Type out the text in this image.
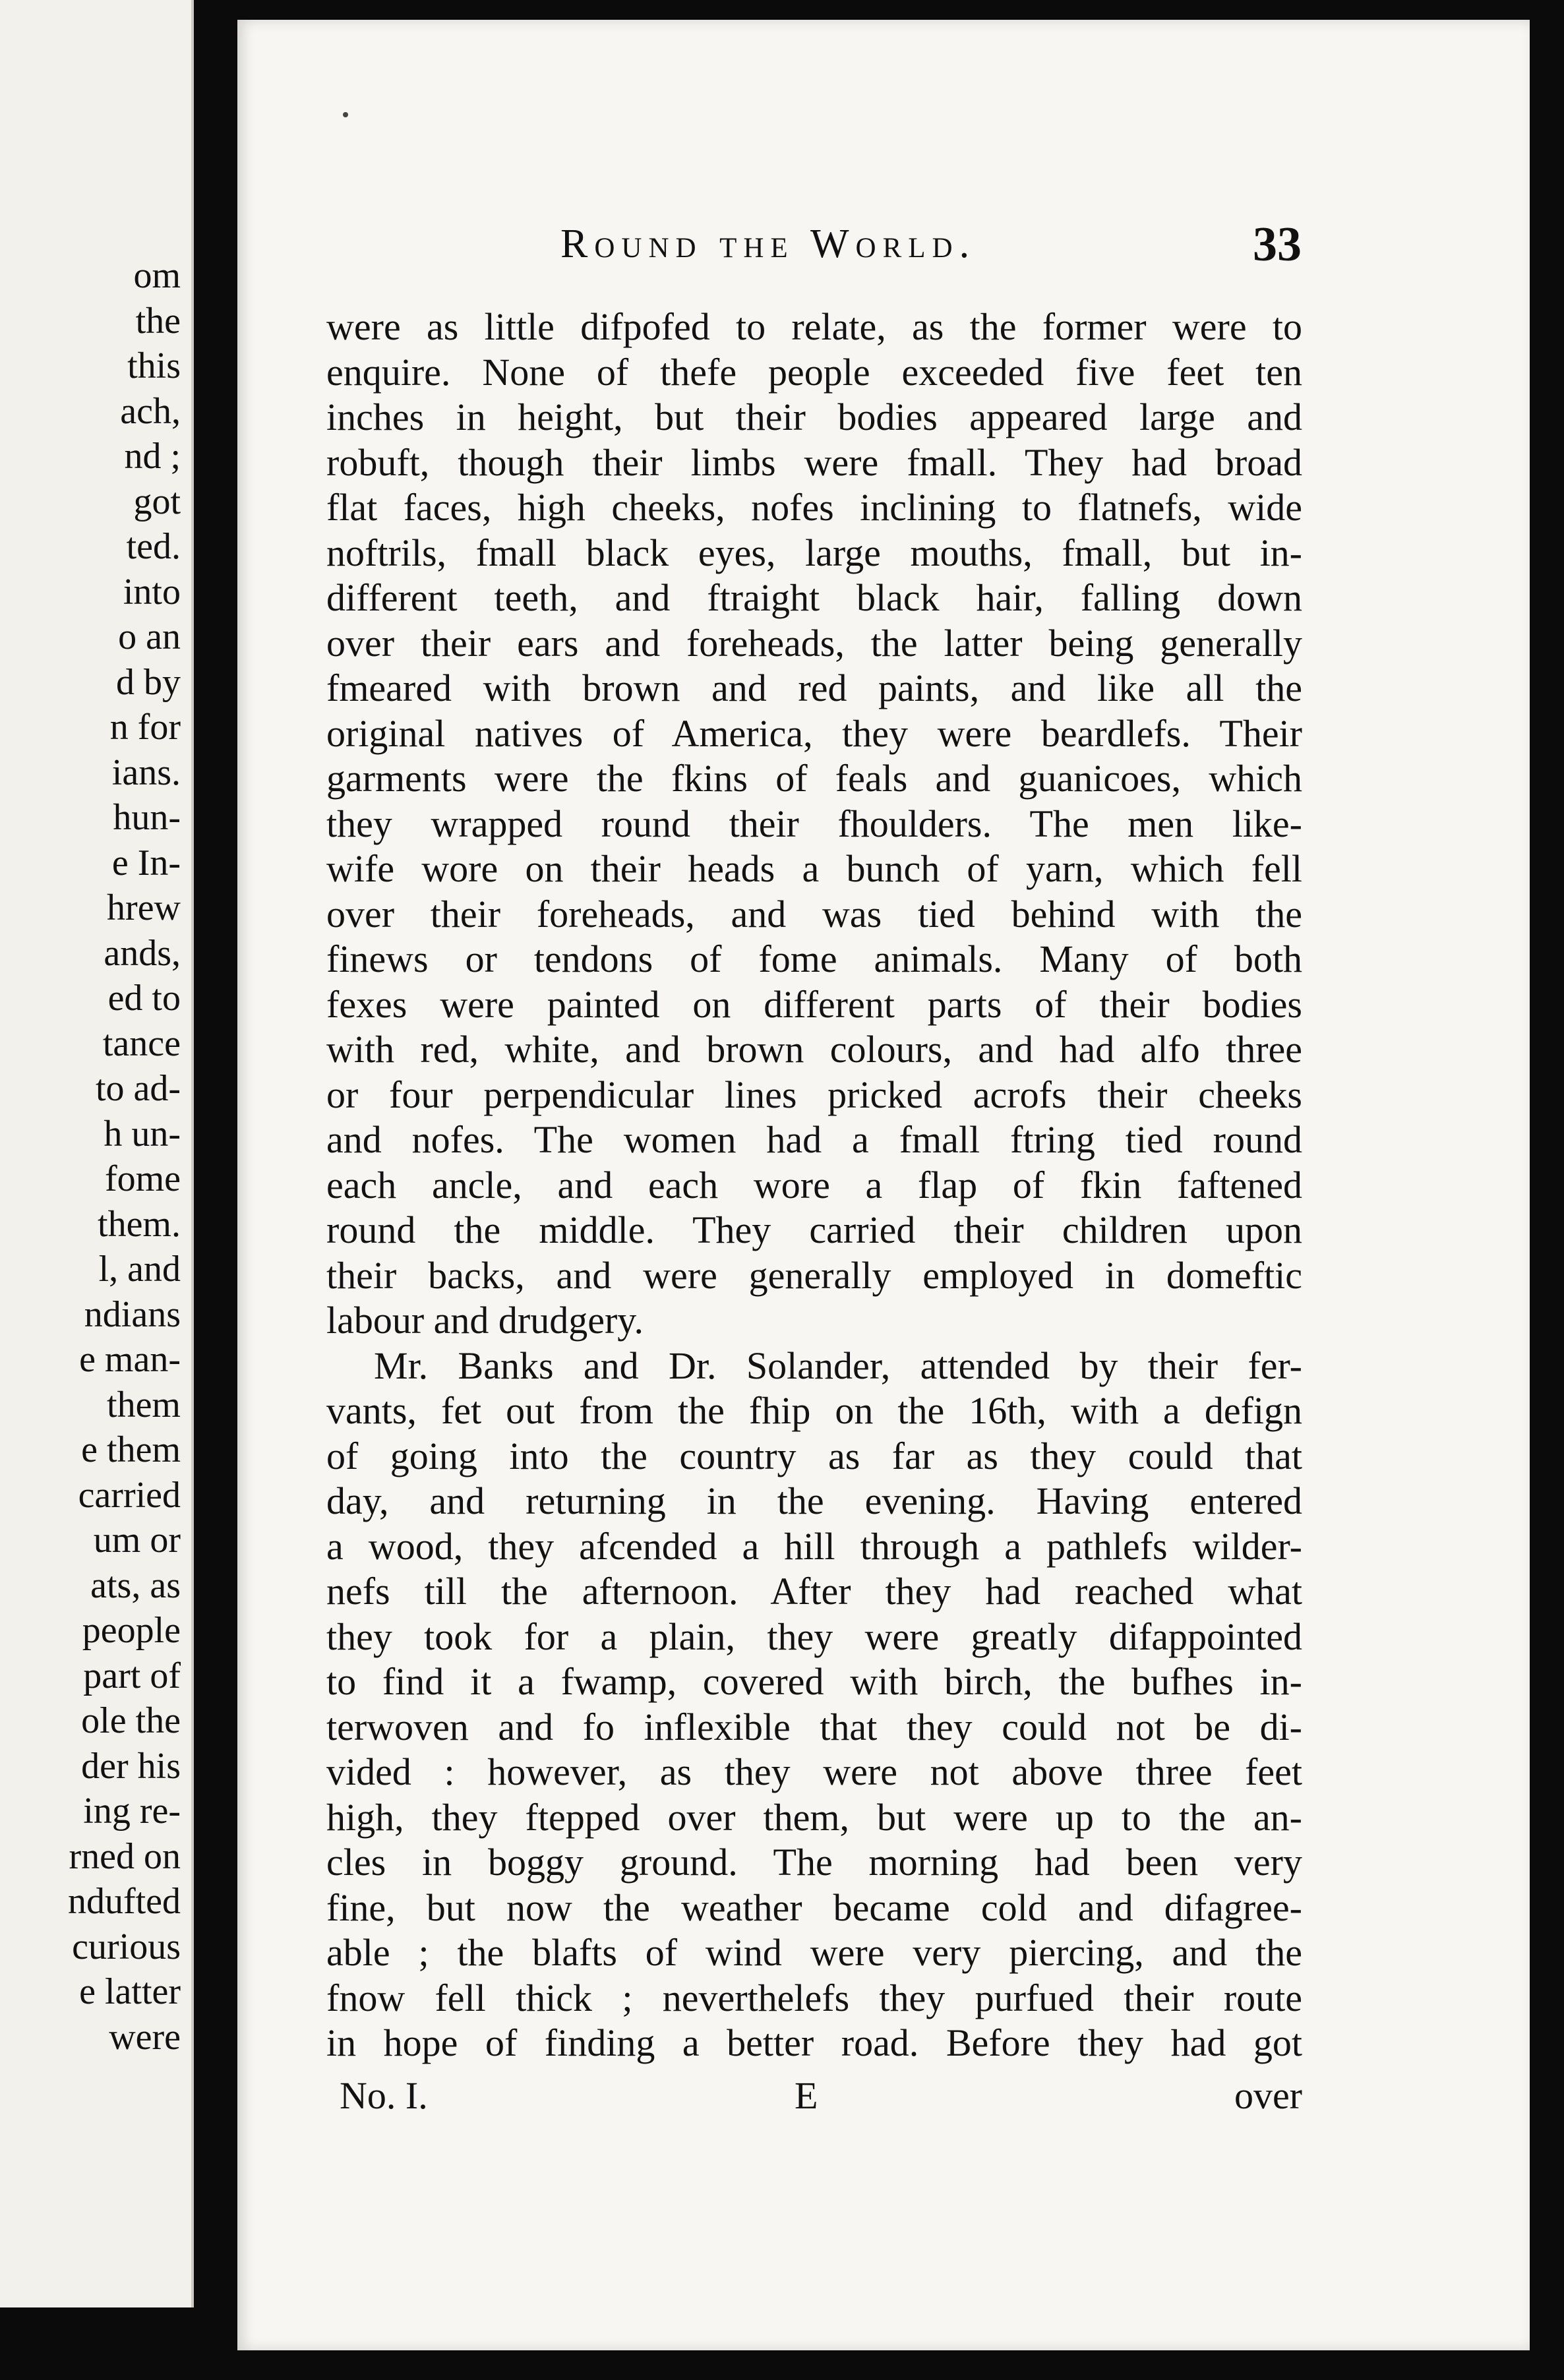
om
the
this
ach,
nd ;
got
ted.
into
o an
d by
n for
ians.
hun-
e In-
hrew
ands,
ed to
tance
to ad-
h un-
fome
them.
l, and
ndians
e man-
them
e them
carried
um or
ats, as
people
part of
ole the
der his
ing re-
rned on
ndufted
curious
e latter
were
Round the World.	33
were as little difpofed to relate, as the former were to
enquire. None of thefe people exceeded five feet ten
inches in height, but their bodies appeared large and
robuft, though their limbs were fmall. They had broad
flat faces, high cheeks, nofes inclining to flatnefs, wide
noftrils, fmall black eyes, large mouths, fmall, but in-
different teeth, and ftraight black hair, falling down
over their ears and foreheads, the latter being generally
fmeared with brown and red paints, and like all the
original natives of America, they were beardlefs. Their
garments were the fkins of feals and guanicoes, which
they wrapped round their fhoulders. The men like-
wife wore on their heads a bunch of yarn, which fell
over their foreheads, and was tied behind with the
finews or tendons of fome animals. Many of both
fexes were painted on different parts of their bodies
with red, white, and brown colours, and had alfo three
or four perpendicular lines pricked acrofs their cheeks
and nofes. The women had a fmall ftring tied round
each ancle, and each wore a flap of fkin faftened
round the middle. They carried their children upon
their backs, and were generally employed in domeftic
labour and drudgery.
Mr. Banks and Dr. Solander, attended by their fer-
vants, fet out from the fhip on the 16th, with a defign
of going into the country as far as they could that
day, and returning in the evening. Having entered
a wood, they afcended a hill through a pathlefs wilder-
nefs till the afternoon. After they had reached what
they took for a plain, they were greatly difappointed
to find it a fwamp, covered with birch, the bufhes in-
terwoven and fo inflexible that they could not be di-
vided : however, as they were not above three feet
high, they ftepped over them, but were up to the an-
cles in boggy ground. The morning had been very
fine, but now the weather became cold and difagree-
able ; the blafts of wind were very piercing, and the
fnow fell thick ; neverthelefs they purfued their route
in hope of finding a better road. Before they had got
No. I.	E	over
